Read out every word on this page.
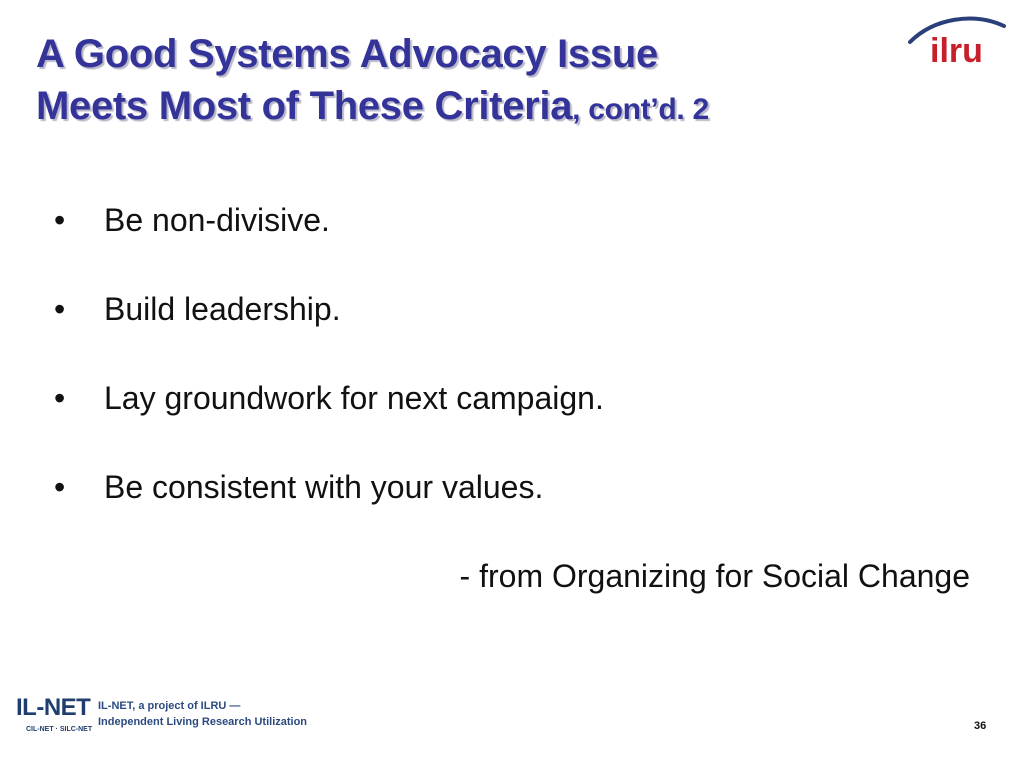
A Good Systems Advocacy Issue
Meets Most of These Criteria, cont’d. 2
ilru
• Be non-divisive.
• Build leadership.
• Lay groundwork for next campaign.
• Be consistent with your values.
- from Organizing for Social Change
IL-NET
CIL-NET · SILC-NET
IL-NET, a project of ILRU —
Independent Living Research Utilization	36
